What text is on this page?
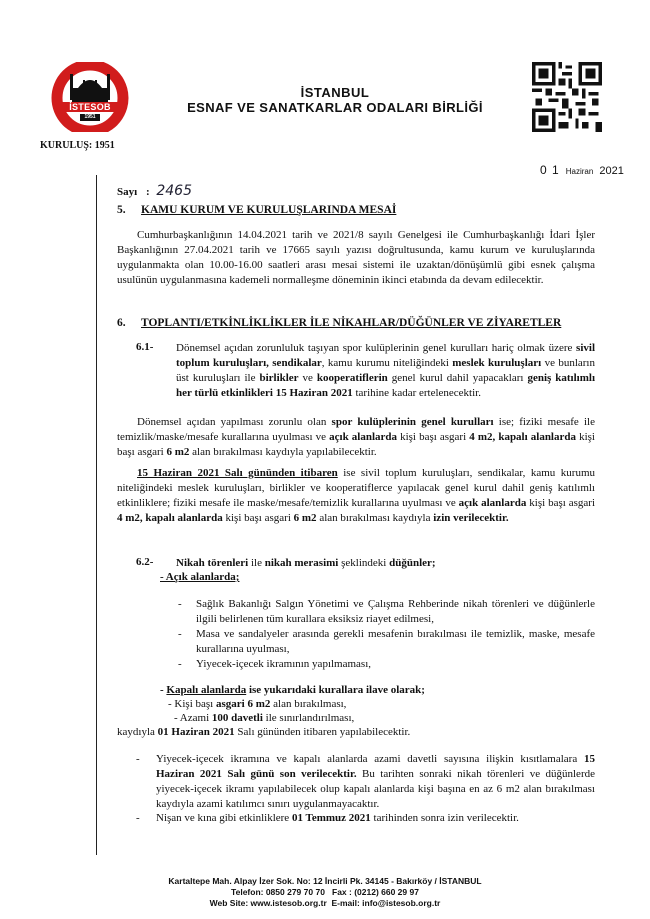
İSTESOB
1951
KURULUŞ: 1951
İSTANBUL
ESNAF VE SANATKARLAR ODALARI BİRLİĞİ
0 1 Haziran 2021
Sayı : 2465
5. KAMU KURUM VE KURULUŞLARINDA MESAİ
Cumhurbaşkanlığının 14.04.2021 tarih ve 2021/8 sayılı Genelgesi ile Cumhurbaşkanlığı İdari İşler Başkanlığının 27.04.2021 tarih ve 17665 sayılı yazısı doğrultusunda, kamu kurum ve kuruluşlarında uygulanmakta olan 10.00-16.00 saatleri arası mesai sistemi ile uzaktan/dönüşümlü gibi esnek çalışma usulünün uygulanmasına kademeli normalleşme döneminin ikinci etabında da devam edilecektir.
6. TOPLANTI/ETKİNLİKLİKLER İLE NİKAHLAR/DÜĞÜNLER VE ZİYARETLER
6.1- Dönemsel açıdan zorunluluk taşıyan spor kulüplerinin genel kurulları hariç olmak üzere sivil toplum kuruluşları, sendikalar, kamu kurumu niteliğindeki meslek kuruluşları ve bunların üst kuruluşları ile birlikler ve kooperatiflerin genel kurul dahil yapacakları geniş katılımlı her türlü etkinlikleri 15 Haziran 2021 tarihine kadar ertelenecektir.
Dönemsel açıdan yapılması zorunlu olan spor kulüplerinin genel kurulları ise; fiziki mesafe ile temizlik/maske/mesafe kurallarına uyulması ve açık alanlarda kişi başı asgari 4 m2, kapalı alanlarda kişi başı asgari 6 m2 alan bırakılması kaydıyla yapılabilecektir.
15 Haziran 2021 Salı gününden itibaren ise sivil toplum kuruluşları, sendikalar, kamu kurumu niteliğindeki meslek kuruluşları, birlikler ve kooperatiflerce yapılacak genel kurul dahil geniş katılımlı etkinliklere; fiziki mesafe ile maske/mesafe/temizlik kurallarına uyulması ve açık alanlarda kişi başı asgari 4 m2, kapalı alanlarda kişi başı asgari 6 m2 alan bırakılması kaydıyla izin verilecektir.
6.2- Nikah törenleri ile nikah merasimi şeklindeki düğünler;
- Açık alanlarda;
- Sağlık Bakanlığı Salgın Yönetimi ve Çalışma Rehberinde nikah törenleri ve düğünlerle ilgili belirlenen tüm kurallara eksiksiz riayet edilmesi,
- Masa ve sandalyeler arasında gerekli mesafenin bırakılması ile temizlik, maske, mesafe kurallarına uyulması,
- Yiyecek-içecek ikramının yapılmaması,
- Kapalı alanlarda ise yukarıdaki kurallara ilave olarak;
- Kişi başı asgari 6 m2 alan bırakılması,
- Azami 100 davetli ile sınırlandırılması,
kaydıyla 01 Haziran 2021 Salı gününden itibaren yapılabilecektir.
- Yiyecek-içecek ikramına ve kapalı alanlarda azami davetli sayısına ilişkin kısıtlamalara 15 Haziran 2021 Salı günü son verilecektir. Bu tarihten sonraki nikah törenleri ve düğünlerde yiyecek-içecek ikramı yapılabilecek olup kapalı alanlarda kişi başına en az 6 m2 alan bırakılması kaydıyla azami katılımcı sınırı uygulanmayacaktır.
- Nişan ve kına gibi etkinliklere 01 Temmuz 2021 tarihinden sonra izin verilecektir.
Kartaltepe Mah. Alpay İzer Sok. No: 12 İncirli Pk. 34145 - Bakırköy / İSTANBUL
Telefon: 0850 279 70 70   Fax : (0212) 660 29 97
Web Site: www.istesob.org.tr  E-mail: info@istesob.org.tr
